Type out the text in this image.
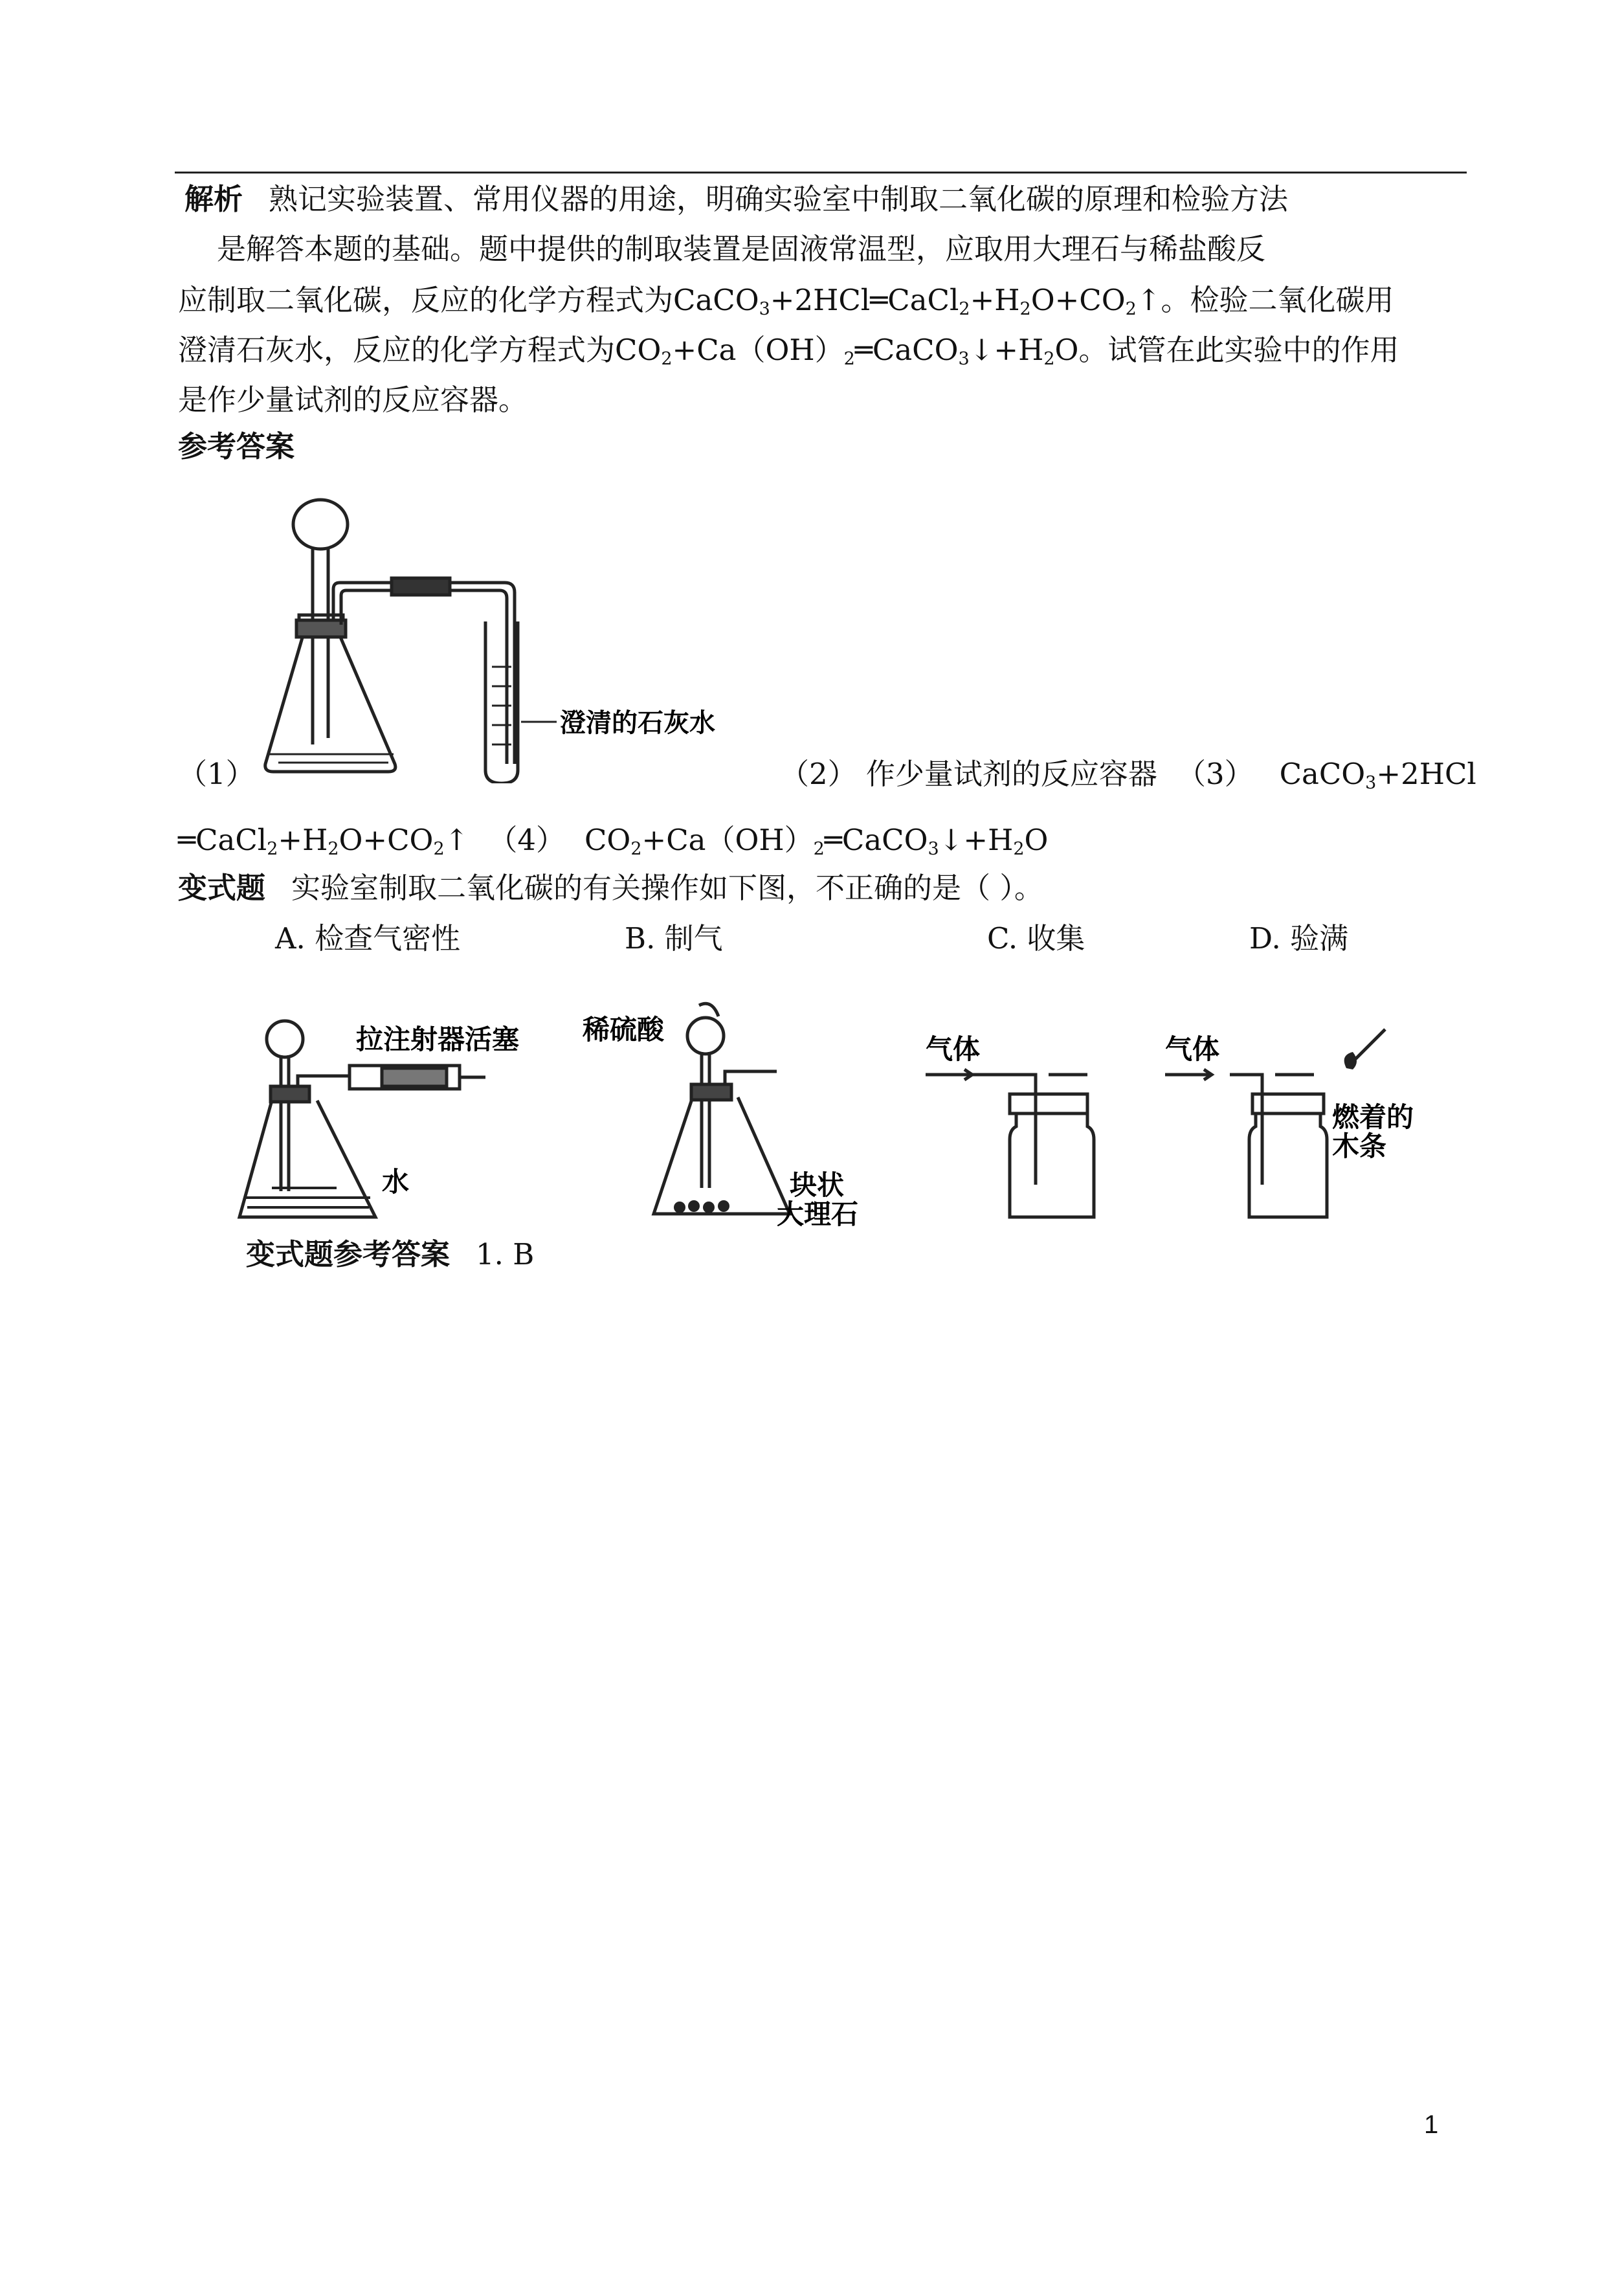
解析 熟记实验装置、常用仪器的用途，明确实验室中制取二氧化碳的原理和检验方法
是解答本题的基础。题中提供的制取装置是固液常温型，应取用大理石与稀盐酸反
应制取二氧化碳，反应的化学方程式为$CaCO_3+2HCl═CaCl_2+H_2O+CO_2↑$。检验二氧化碳用
澄清石灰水，反应的化学方程式为$CO_2+Ca(OH)_2═CaCO_3↓+H_2O$。试管在此实验中的作用
是作少量试剂的反应容器。
参考答案
澄清的石灰水
（1）	（2） 作少量试剂的反应容器 （3） CaCO$_3$+2HCl
$═CaCl_2+H_2O+CO_2↑$ （4） $CO_2+Ca(OH)_2═CaCO_3↓+H_2O$
变式题 实验室制取二氧化碳的有关操作如下图，不正确的是（ ）。
A. 检查气密性	B. 制气	C. 收集	D. 验满
拉注射器活塞
水
稀硫酸
块状
大理石
气体	气体
燃着的
木条
变式题参考答案 1. B
1
